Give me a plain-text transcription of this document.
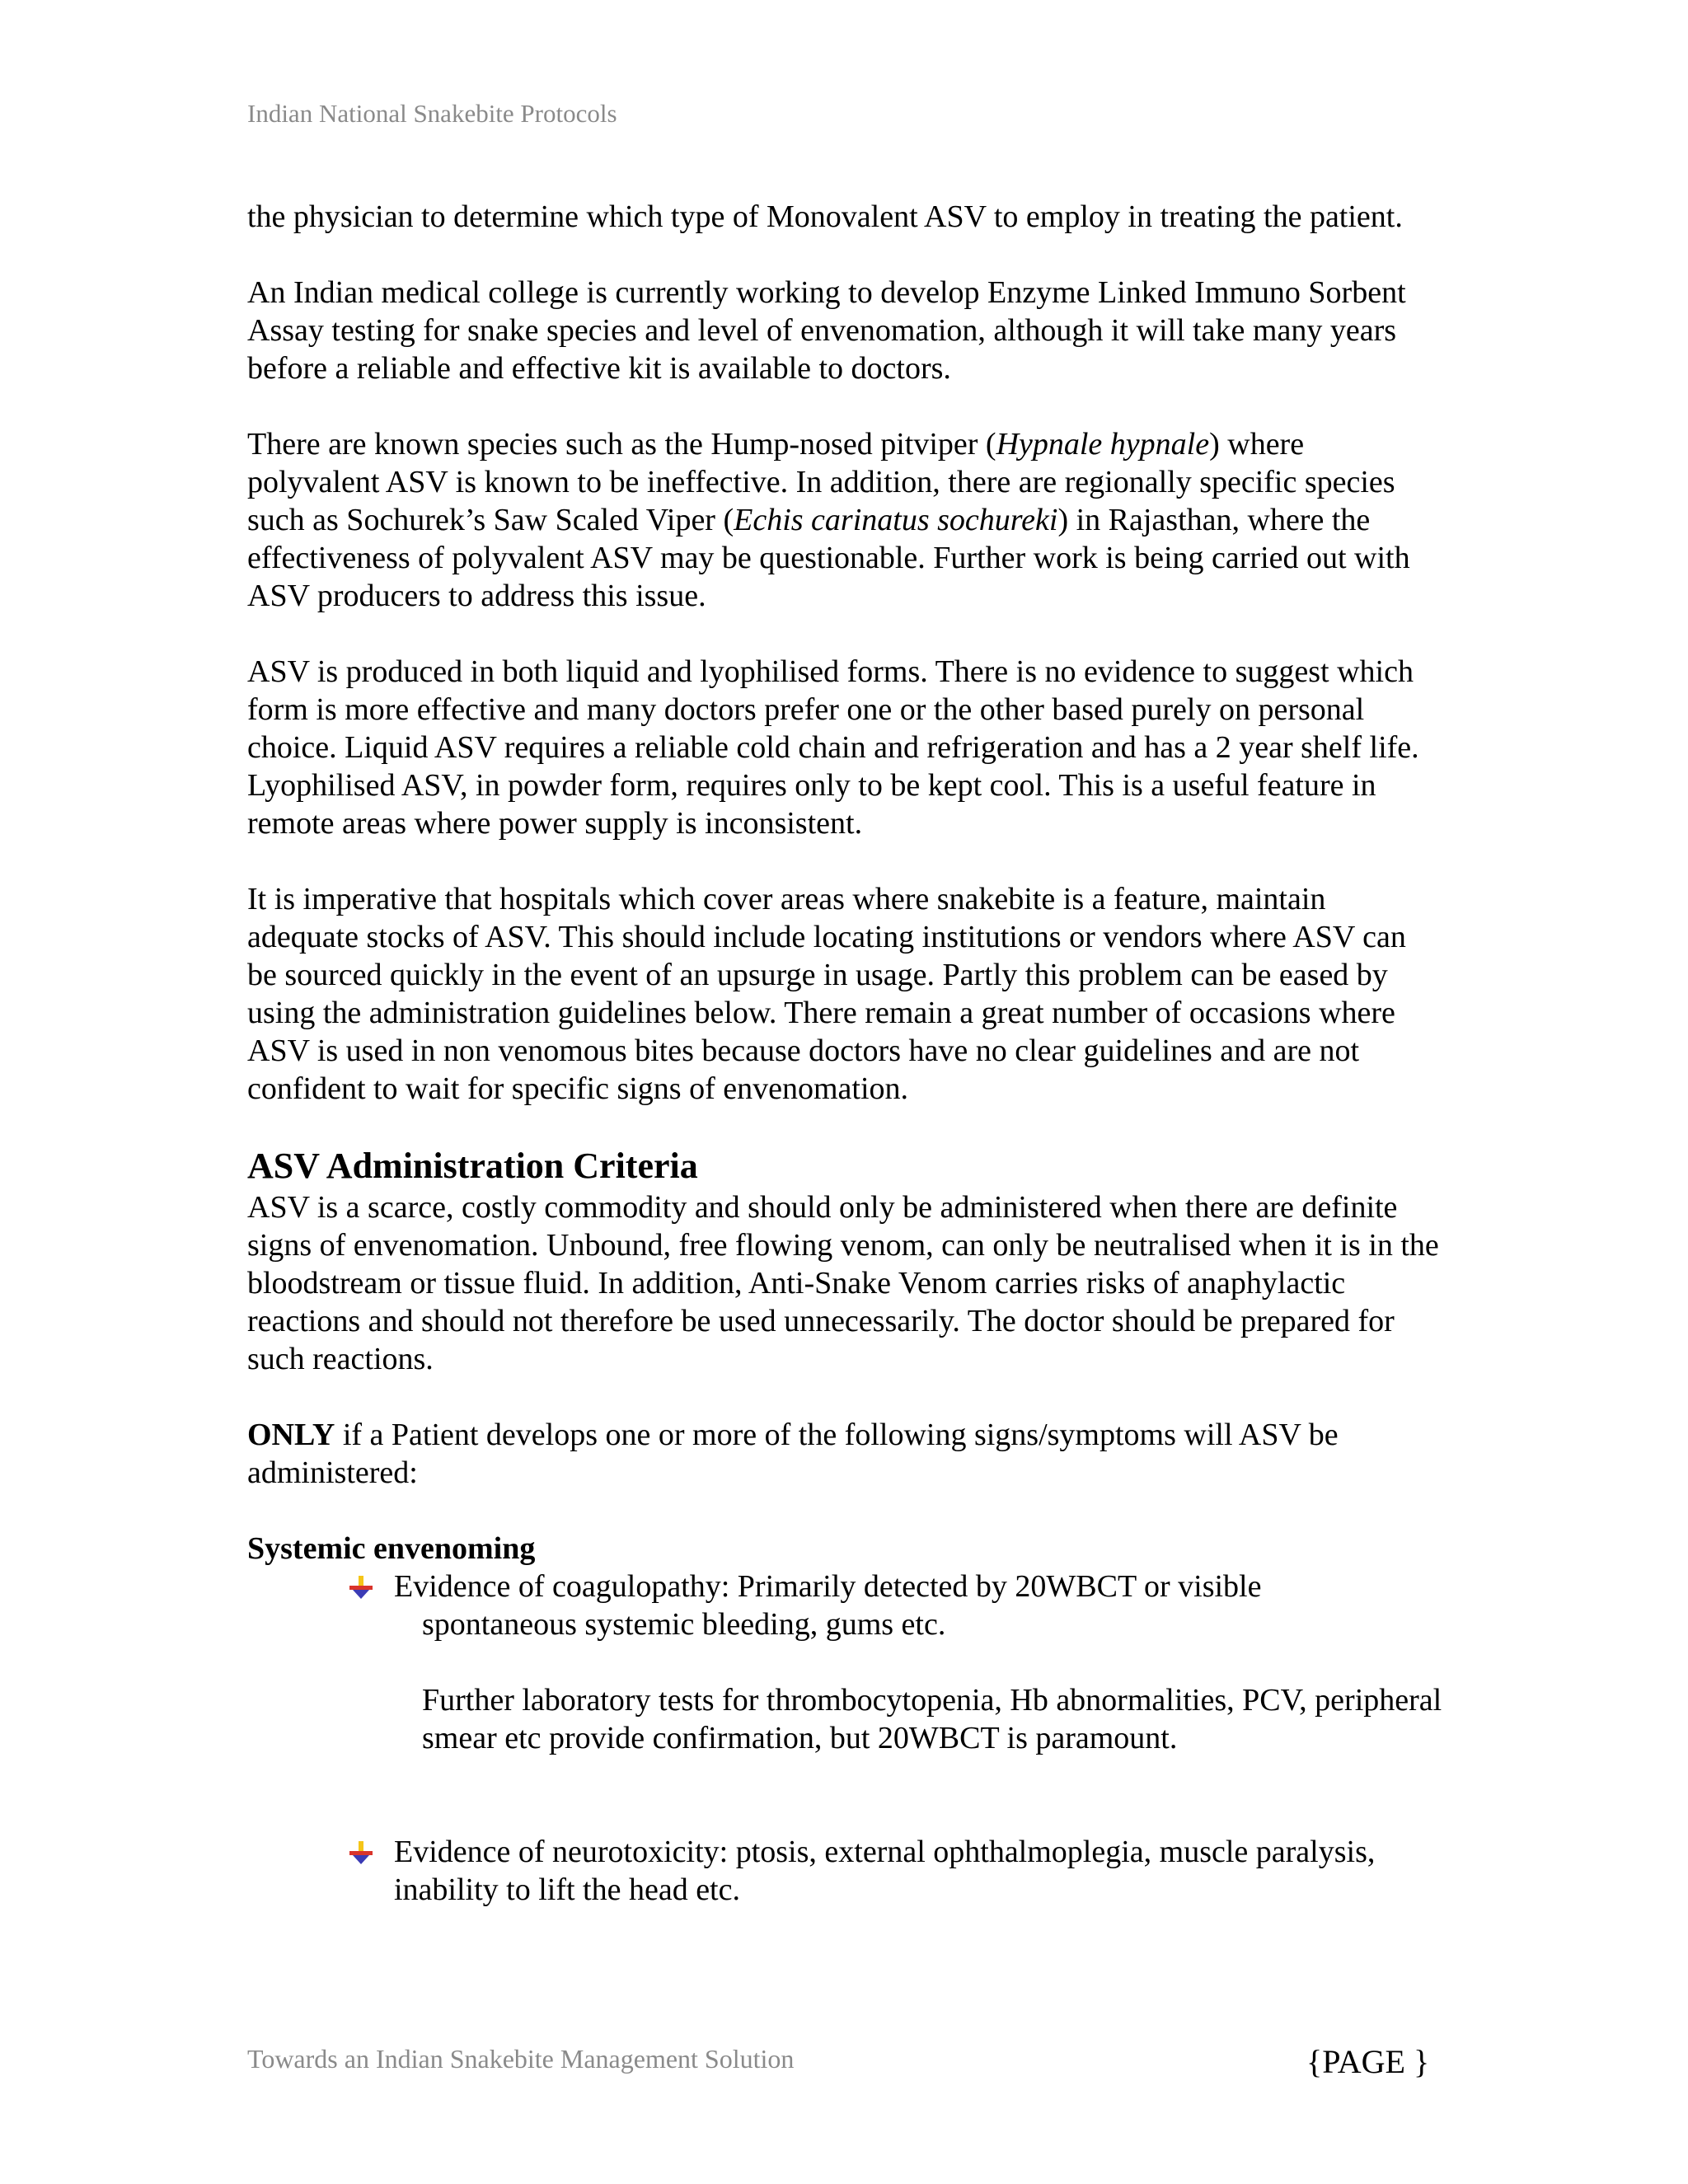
Indian National Snakebite Protocols

the physician to determine which type of Monovalent ASV to employ in treating the patient.

An Indian medical college is currently working to develop Enzyme Linked Immuno Sorbent Assay testing for snake species and level of envenomation, although it will take many years before a reliable and effective kit is available to doctors.

There are known species such as the Hump-nosed pitviper (Hypnale hypnale) where polyvalent ASV is known to be ineffective. In addition, there are regionally specific species such as Sochurek’s Saw Scaled Viper (Echis carinatus sochureki) in Rajasthan, where the effectiveness of polyvalent ASV may be questionable. Further work is being carried out with ASV producers to address this issue.

ASV is produced in both liquid and lyophilised forms. There is no evidence to suggest which form is more effective and many doctors prefer one or the other based purely on personal choice. Liquid ASV requires a reliable cold chain and refrigeration and has a 2 year shelf life. Lyophilised ASV, in powder form, requires only to be kept cool. This is a useful feature in remote areas where power supply is inconsistent.

It is imperative that hospitals which cover areas where snakebite is a feature, maintain adequate stocks of ASV. This should include locating institutions or vendors where ASV can be sourced quickly in the event of an upsurge in usage. Partly this problem can be eased by using the administration guidelines below. There remain a great number of occasions where ASV is used in non venomous bites because doctors have no clear guidelines and are not confident to wait for specific signs of envenomation.

ASV Administration Criteria

ASV is a scarce, costly commodity and should only be administered when there are definite signs of envenomation. Unbound, free flowing venom, can only be neutralised when it is in the bloodstream or tissue fluid. In addition, Anti-Snake Venom carries risks of anaphylactic reactions and should not therefore be used unnecessarily. The doctor should be prepared for such reactions.

ONLY if a Patient develops one or more of the following signs/symptoms will ASV be administered:

Systemic envenoming
Evidence of coagulopathy: Primarily detected by 20WBCT or visible
spontaneous systemic bleeding, gums etc.
Further laboratory tests for thrombocytopenia, Hb abnormalities, PCV, peripheral smear etc provide confirmation, but 20WBCT is paramount.
Evidence of neurotoxicity: ptosis, external ophthalmoplegia, muscle paralysis, inability to lift the head etc.
Towards an Indian Snakebite Management Solution	{PAGE }
